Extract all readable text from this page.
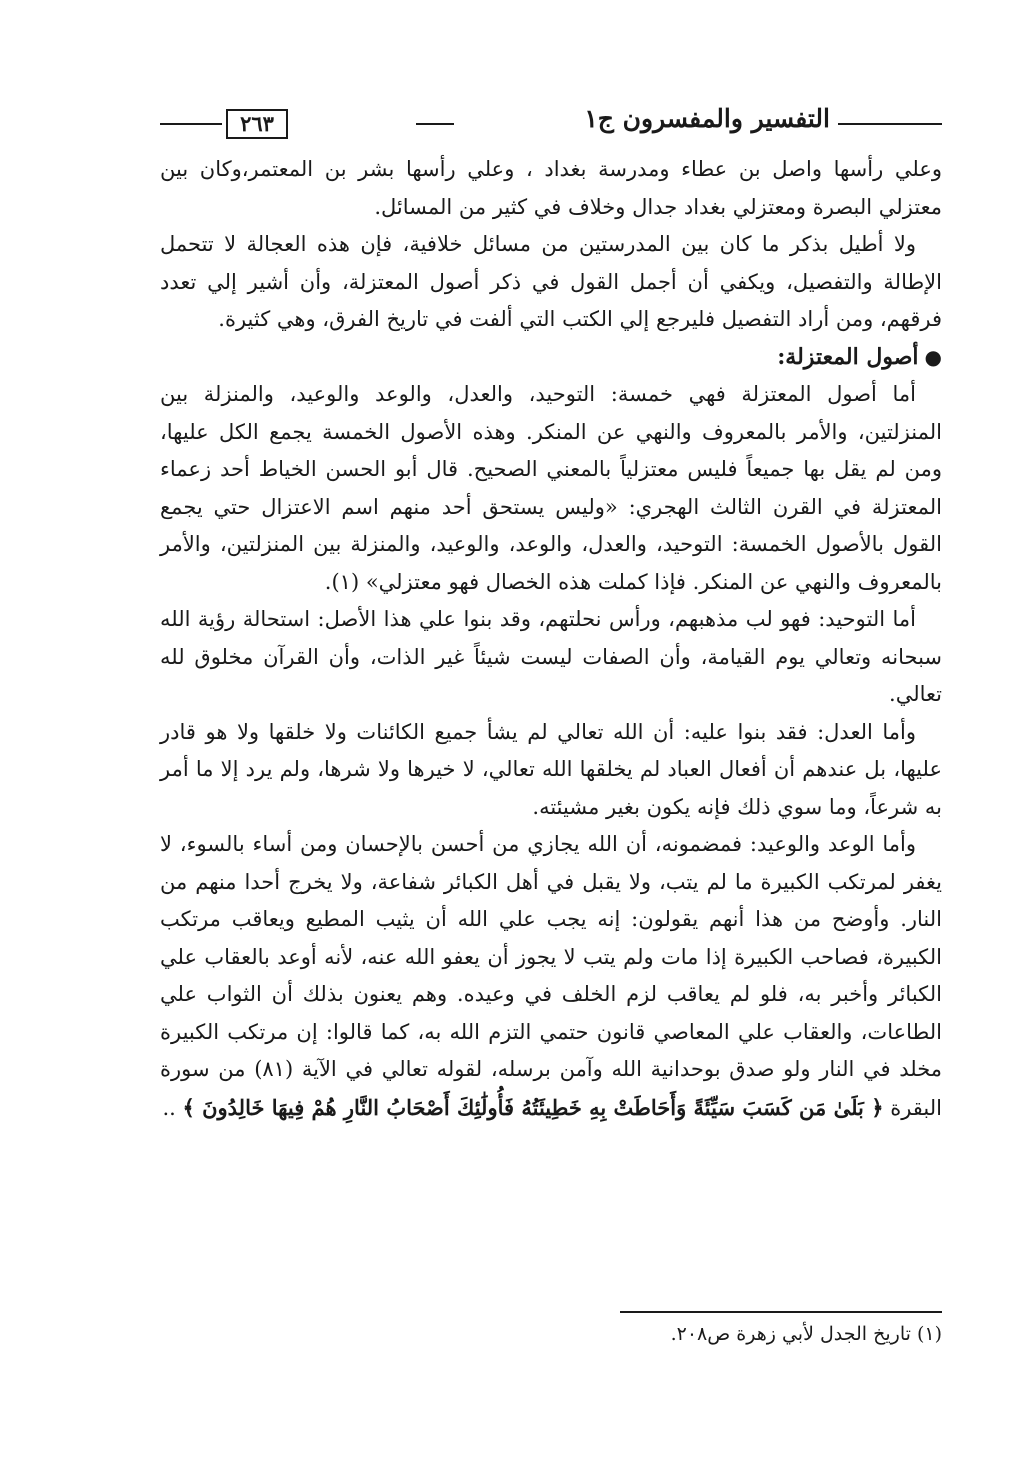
التفسير والمفسرون ج١
٢٦٣

وعلي رأسها واصل بن عطاء ومدرسة بغداد ، وعلي رأسها بشر بن المعتمر،وكان بين معتزلي البصرة ومعتزلي بغداد جدال وخلاف في كثير من المسائل.

ولا أطيل بذكر ما كان بين المدرستين من مسائل خلافية، فإن هذه العجالة لا تتحمل الإطالة والتفصيل، ويكفي أن أجمل القول في ذكر أصول المعتزلة، وأن أشير إلي تعدد فرقهم، ومن أراد التفصيل فليرجع إلي الكتب التي ألفت في تاريخ الفرق، وهي كثيرة.

●أصول المعتزلة:

أما أصول المعتزلة فهي خمسة: التوحيد، والعدل، والوعد والوعيد، والمنزلة بين المنزلتين، والأمر بالمعروف والنهي عن المنكر. وهذه الأصول الخمسة يجمع الكل عليها، ومن لم يقل بها جميعاً فليس معتزلياً بالمعني الصحيح. قال أبو الحسن الخياط أحد زعماء المعتزلة في القرن الثالث الهجري: «وليس يستحق أحد منهم اسم الاعتزال حتي يجمع القول بالأصول الخمسة: التوحيد، والعدل، والوعد، والوعيد، والمنزلة بين المنزلتين، والأمر بالمعروف والنهي عن المنكر. فإذا كملت هذه الخصال فهو معتزلي» (١).

أما التوحيد: فهو لب مذهبهم، ورأس نحلتهم، وقد بنوا علي هذا الأصل: استحالة رؤية الله سبحانه وتعالي يوم القيامة، وأن الصفات ليست شيئاً غير الذات، وأن القرآن مخلوق لله تعالي.

وأما العدل: فقد بنوا عليه: أن الله تعالي لم يشأ جميع الكائنات ولا خلقها ولا هو قادر عليها، بل عندهم أن أفعال العباد لم يخلقها الله تعالي، لا خيرها ولا شرها، ولم يرد إلا ما أمر به شرعاً، وما سوي ذلك فإنه يكون بغير مشيئته.

وأما الوعد والوعيد: فمضمونه، أن الله يجازي من أحسن بالإحسان ومن أساء بالسوء، لا يغفر لمرتكب الكبيرة ما لم يتب، ولا يقبل في أهل الكبائر شفاعة، ولا يخرج أحدا منهم من النار. وأوضح من هذا أنهم يقولون: إنه يجب علي الله أن يثيب المطيع ويعاقب مرتكب الكبيرة، فصاحب الكبيرة إذا مات ولم يتب لا يجوز أن يعفو الله عنه، لأنه أوعد بالعقاب علي الكبائر وأخبر به، فلو لم يعاقب لزم الخلف في وعيده. وهم يعنون بذلك أن الثواب علي الطاعات، والعقاب علي المعاصي قانون حتمي التزم الله به، كما قالوا: إن مرتكب الكبيرة مخلد في النار ولو صدق بوحدانية الله وآمن برسله، لقوله تعالي في الآية (٨١) من سورة البقرة ﴿ بَلَىٰ مَن كَسَبَ سَيِّئَةً وَأَحَاطَتْ بِهِ خَطِيئَتُهُ فَأُولَٰئِكَ أَصْحَابُ النَّارِ هُمْ فِيهَا خَالِدُونَ ﴾ ..

(١) تاريخ الجدل لأبي زهرة ص٢٠٨.
